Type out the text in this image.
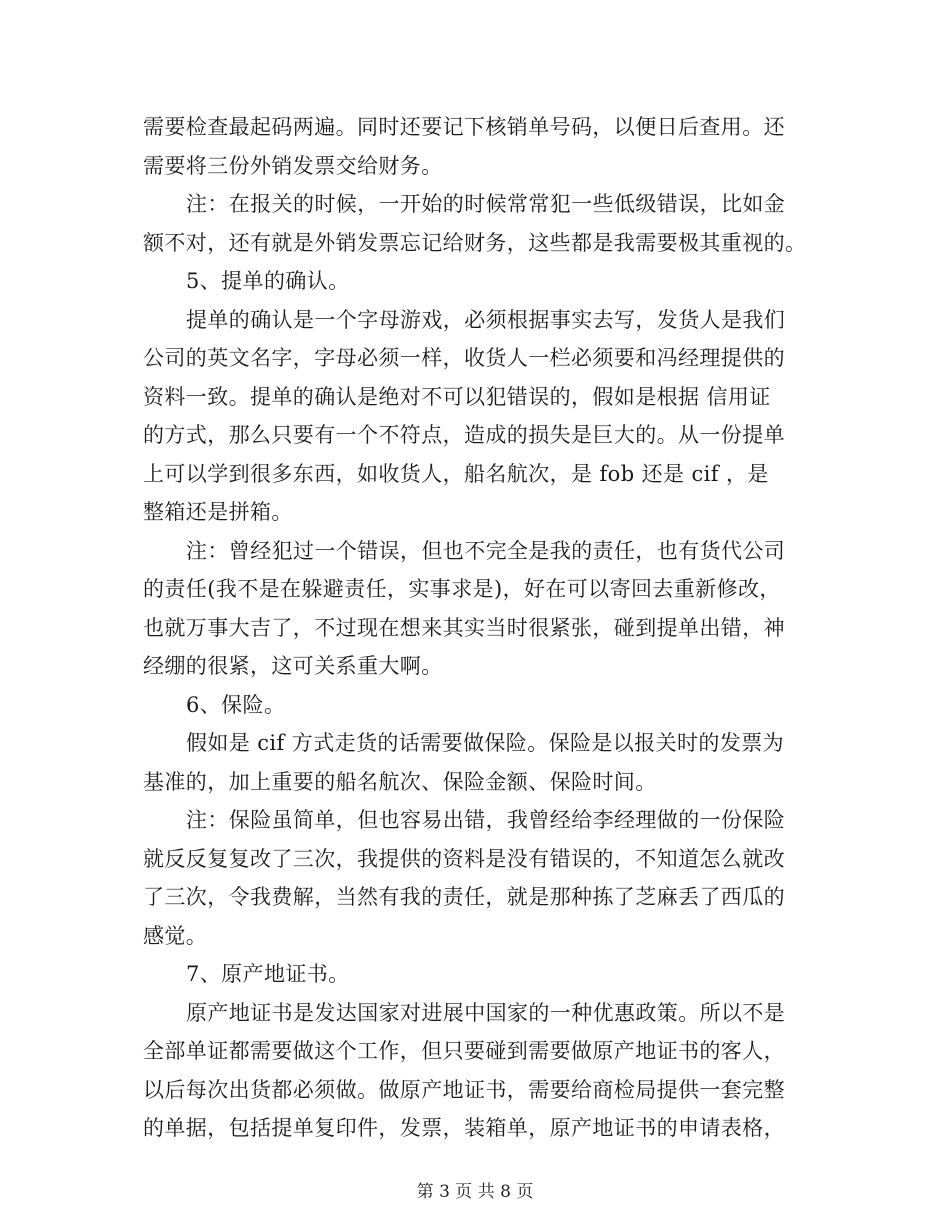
需要检查最起码两遍。同时还要记下核销单号码，以便日后查用。还
需要将三份外销发票交给财务。
注：在报关的时候，一开始的时候常常犯一些低级错误，比如金
额不对，还有就是外销发票忘记给财务，这些都是我需要极其重视的。
5、提单的确认。
提单的确认是一个字母游戏，必须根据事实去写，发货人是我们
公司的英文名字，字母必须一样，收货人一栏必须要和冯经理提供的
资料一致。提单的确认是绝对不可以犯错误的，假如是根据 信用证
的方式，那么只要有一个不符点，造成的损失是巨大的。从一份提单
上可以学到很多东西，如收货人，船名航次，是 fob 还是 cif ，是
整箱还是拼箱。
注：曾经犯过一个错误，但也不完全是我的责任，也有货代公司
的责任(我不是在躲避责任，实事求是)，好在可以寄回去重新修改，
也就万事大吉了，不过现在想来其实当时很紧张，碰到提单出错，神
经绷的很紧，这可关系重大啊。
6、保险。
假如是 cif 方式走货的话需要做保险。保险是以报关时的发票为
基准的，加上重要的船名航次、保险金额、保险时间。
注：保险虽简单，但也容易出错，我曾经给李经理做的一份保险
就反反复复改了三次，我提供的资料是没有错误的，不知道怎么就改
了三次，令我费解，当然有我的责任，就是那种拣了芝麻丢了西瓜的
感觉。
7、原产地证书。
原产地证书是发达国家对进展中国家的一种优惠政策。所以不是
全部单证都需要做这个工作，但只要碰到需要做原产地证书的客人，
以后每次出货都必须做。做原产地证书，需要给商检局提供一套完整
的单据，包括提单复印件，发票，装箱单，原产地证书的申请表格，
第 3 页 共 8 页
